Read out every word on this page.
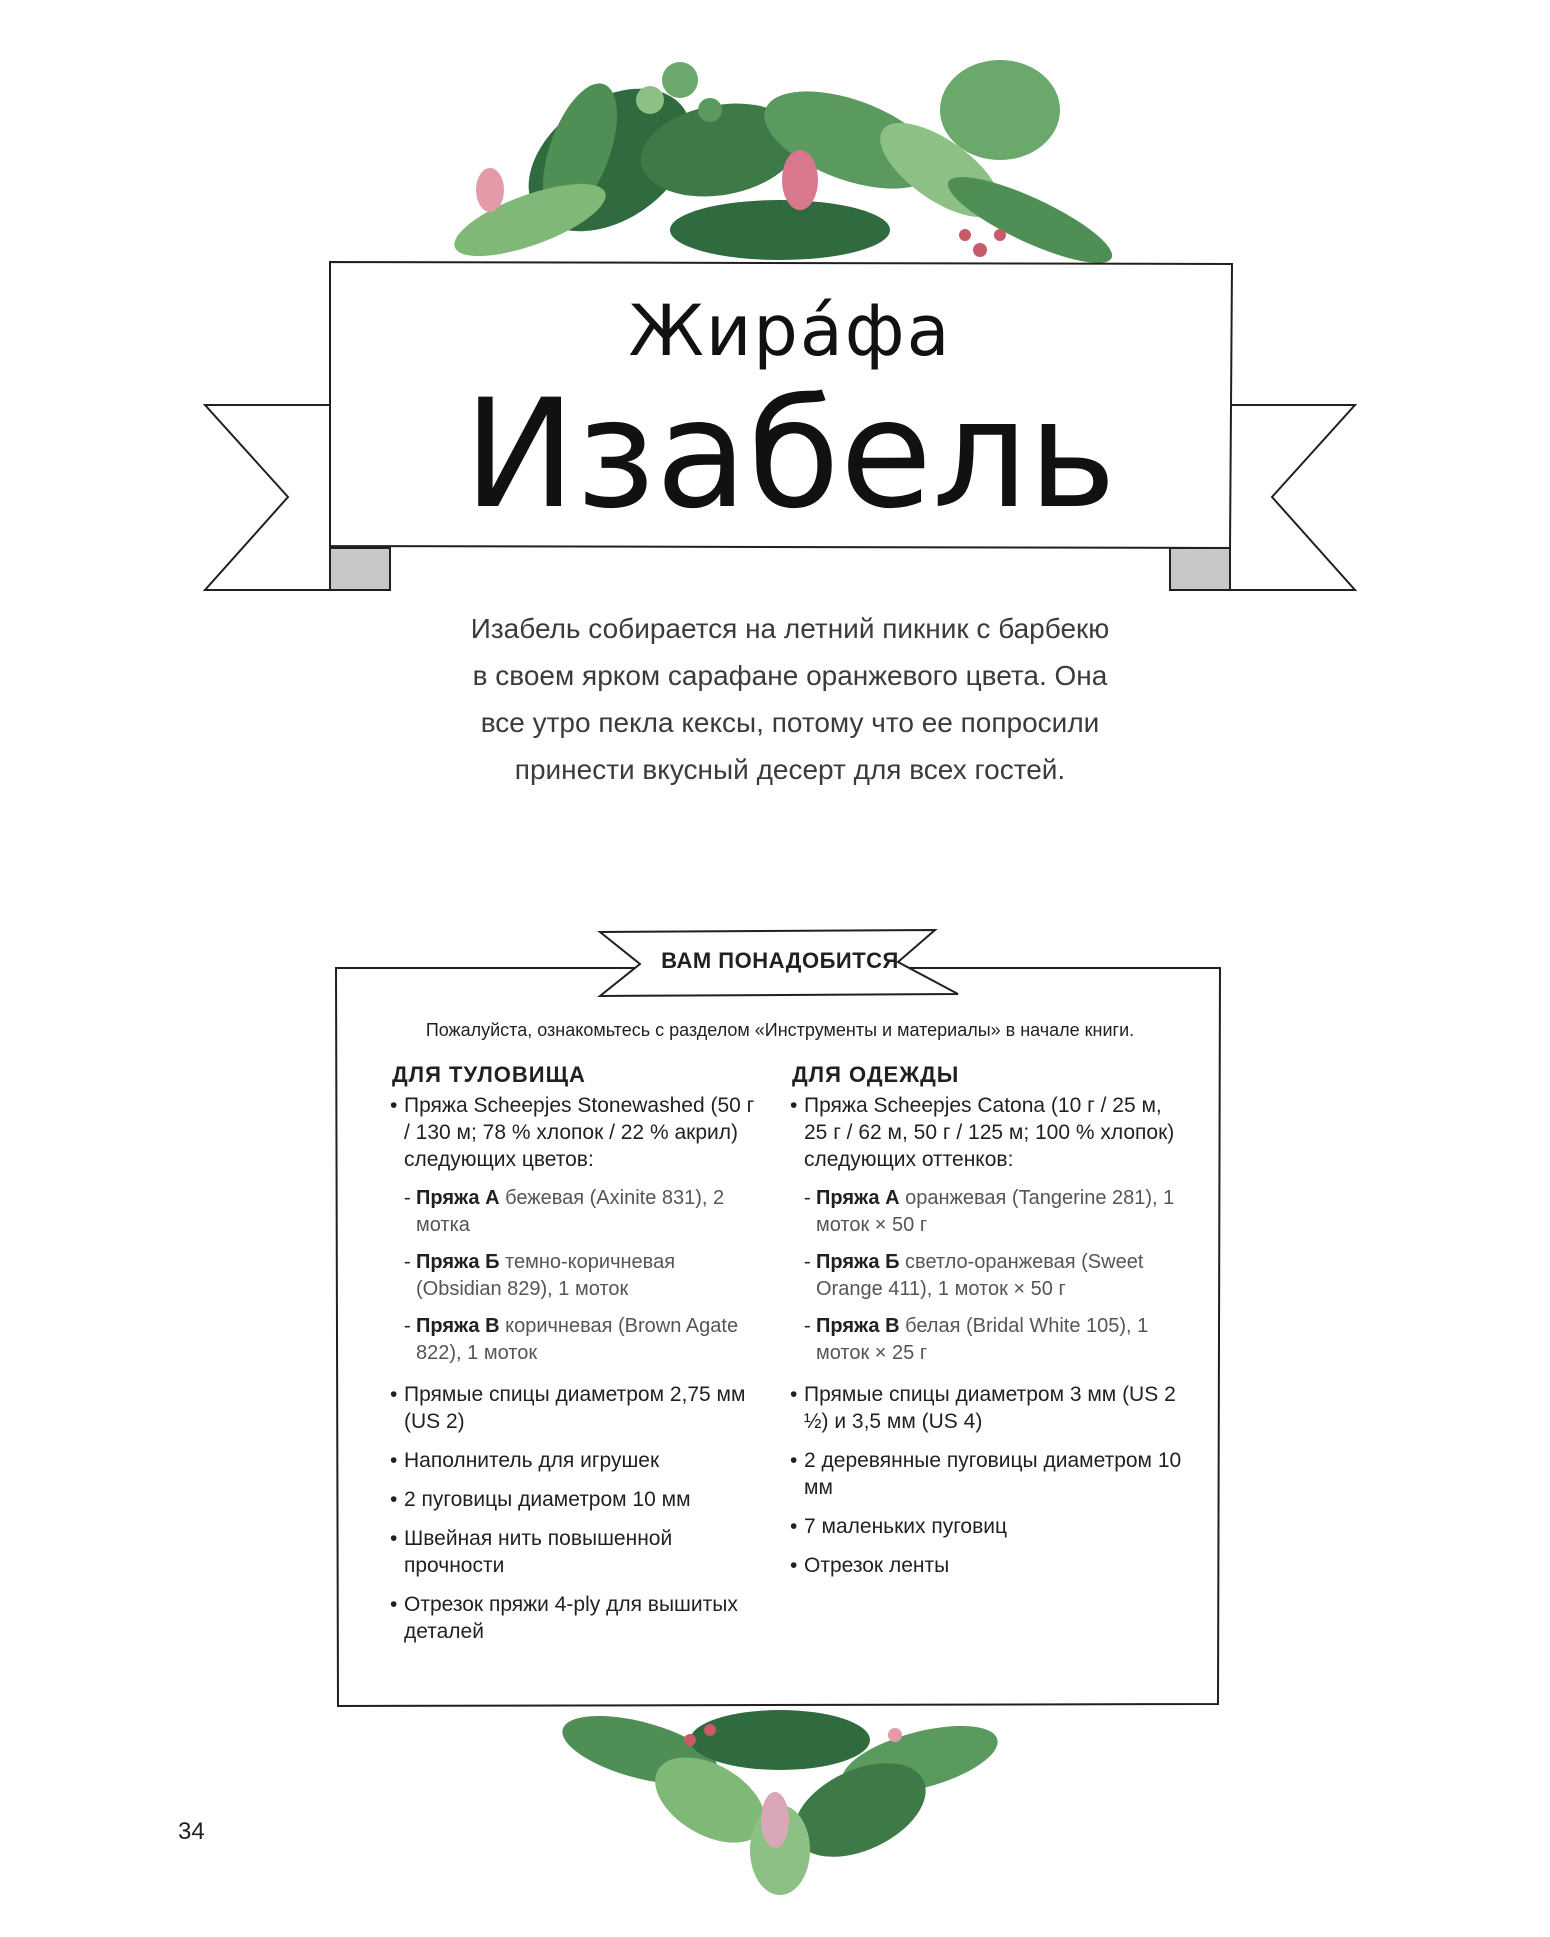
Жира́фа
Изабель
Изабель собирается на летний пикник с барбекю
в своем ярком сарафане оранжевого цвета. Она
все утро пекла кексы, потому что ее попросили
принести вкусный десерт для всех гостей.
ВАМ ПОНАДОБИТСЯ
Пожалуйста, ознакомьтесь с разделом «Инструменты и материалы» в начале книги.
ДЛЯ ТУЛОВИЩА
• Пряжа Scheepjes Stonewashed (50 г / 130 м; 78 % хлопок / 22 % акрил) следующих цветов:
- Пряжа А бежевая (Axinite 831), 2 мотка
- Пряжа Б темно-коричневая (Obsidian 829), 1 моток
- Пряжа В коричневая (Brown Agate 822), 1 моток
• Прямые спицы диаметром 2,75 мм (US 2)
• Наполнитель для игрушек
• 2 пуговицы диаметром 10 мм
• Швейная нить повышенной прочности
• Отрезок пряжи 4-ply для вышитых деталей
ДЛЯ ОДЕЖДЫ
• Пряжа Scheepjes Catona (10 г / 25 м, 25 г / 62 м, 50 г / 125 м; 100 % хлопок) следующих оттенков:
- Пряжа А оранжевая (Tangerine 281), 1 моток × 50 г
- Пряжа Б светло-оранжевая (Sweet Orange 411), 1 моток × 50 г
- Пряжа В белая (Bridal White 105), 1 моток × 25 г
• Прямые спицы диаметром 3 мм (US 2 ½) и 3,5 мм (US 4)
• 2 деревянные пуговицы диаметром 10 мм
• 7 маленьких пуговиц
• Отрезок ленты
34
